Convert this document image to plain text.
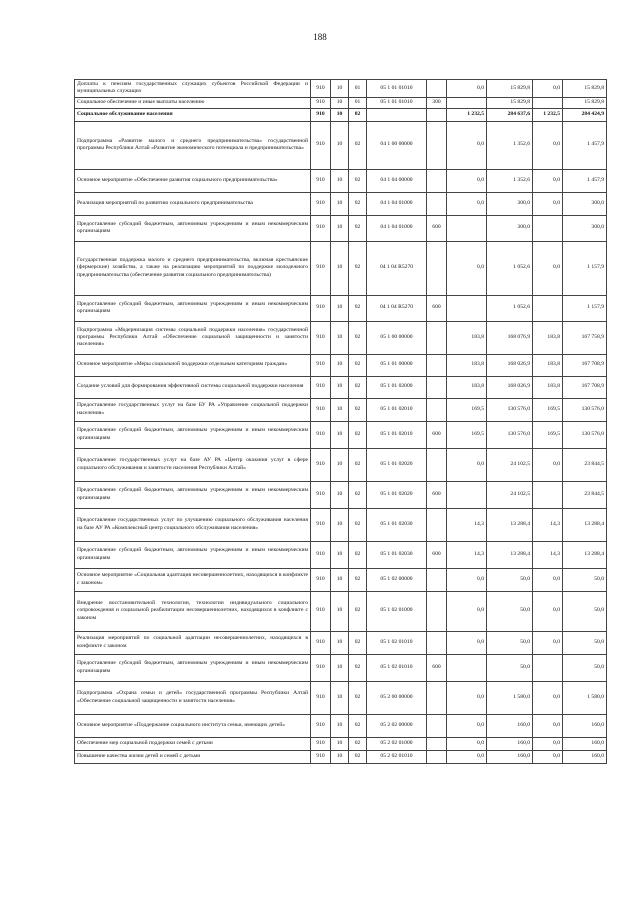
188
Доплаты к пенсиям государственных служащих субъектов Российской Федерации и муниципальных служащих	910	10	01	05 1 01 01010		0,0	15 829,8	0,0	15 829,8
Социальное обеспечение и иные выплаты населению	910	10	01	05 1 01 01010	300		15 829,8		15 829,8
Социальное обслуживание населения	910	10	02			1 232,5	284 637,6	1 232,5	284 424,9
Подпрограмма «Развитие малого и среднего предпринимательства» государственной программы Республики Алтай «Развитие экономического потенциала и предпринимательства»	910	10	02	04 1 00 00000		0,0	1 352,6	0,0	1 457,9
Основное мероприятие «Обеспечение развития социального предпринимательства»	910	10	02	04 1 04 00000		0,0	1 352,6	0,0	1 457,9
Реализация мероприятий по развитию социального предпринимательства	910	10	02	04 1 04 01000		0,0	300,0	0,0	300,0
Предоставление субсидий бюджетным, автономным учреждениям и иным некоммерческим организациям	910	10	02	04 1 04 01000	600		300,0		300,0
Государственная поддержка малого и среднего предпринимательства, включая крестьянские (фермерские) хозяйства, а также на реализацию мероприятий по поддержке молодежного предпринимательства (обеспечение развития социального предпринимательства)	910	10	02	04 1 04 R5270		0,0	1 052,6	0,0	1 157,9
Предоставление субсидий бюджетным, автономным учреждениям и иным некоммерческим организациям	910	10	02	04 1 04 R5270	600		1 052,6		1 157,9
Подпрограмма «Модернизация системы социальной поддержки населения» государственной программы Республики Алтай «Обеспечение социальной защищенности и занятости населения»	910	10	02	05 1 00 00000		183,8	168 076,9	183,8	167 758,9
Основное мероприятие «Меры социальной поддержки отдельным категориям граждан»	910	10	02	05 1 01 00000		183,8	168 026,9	183,8	167 708,9
Создание условий для формирования эффективной системы социальной поддержки населения	910	10	02	05 1 01 02000		183,8	168 026,9	183,8	167 708,9
Предоставление государственных услуг на базе БУ РА «Управление социальной поддержки населения»	910	10	02	05 1 01 02010		169,5	130 576,0	169,5	130 576,0
Предоставление субсидий бюджетным, автономным учреждениям и иным некоммерческим организациям	910	10	02	05 1 01 02010	600	169,5	130 576,0	169,5	130 576,0
Предоставление государственных услуг на базе АУ РА «Центр оказания услуг в сфере социального обслуживания и занятости населения Республики Алтай»	910	10	02	05 1 01 02020		0,0	24 102,5	0,0	23 844,5
Предоставление субсидий бюджетным, автономным учреждениям и иным некоммерческим организациям	910	10	02	05 1 01 02020	600		24 102,5		23 844,5
Предоставление государственных услуг по улучшению социального обслуживания населения на базе АУ РА «Комплексный центр социального обслуживания населения»	910	10	02	05 1 01 02030		14,3	13 288,4	14,3	13 288,4
Предоставление субсидий бюджетным, автономным учреждениям и иным некоммерческим организациям	910	10	02	05 1 01 02030	600	14,3	13 288,4	14,3	13 288,4
Основное мероприятие «Социальная адаптация несовершеннолетних, находящихся в конфликте с законом»	910	10	02	05 1 02 00000		0,0	50,0	0,0	50,0
Внедрение восстановительной технологии, технологии индивидуального социального сопровождения и социальной реабилитации несовершеннолетних, находящихся в конфликте с законом	910	10	02	05 1 02 01000		0,0	50,0	0,0	50,0
Реализация мероприятий по социальной адаптации несовершеннолетних, находящихся в конфликте с законом	910	10	02	05 1 02 01010		0,0	50,0	0,0	50,0
Предоставление субсидий бюджетным, автономным учреждениям и иным некоммерческим организациям	910	10	02	05 1 02 01010	600		50,0		50,0
Подпрограмма «Охрана семьи и детей» государственной программы Республики Алтай «Обеспечение социальной защищенности и занятости населения»	910	10	02	05 2 00 00000		0,0	1 580,0	0,0	1 580,0
Основное мероприятие «Поддержание социального института семьи, имеющих детей»	910	10	02	05 2 02 00000		0,0	160,0	0,0	160,0
Обеспечение мер социальной поддержки семей с детьми	910	10	02	05 2 02 01000		0,0	160,0	0,0	160,0
Повышение качества жизни детей и семей с детьми	910	10	02	05 2 02 01010		0,0	160,0	0,0	160,0
